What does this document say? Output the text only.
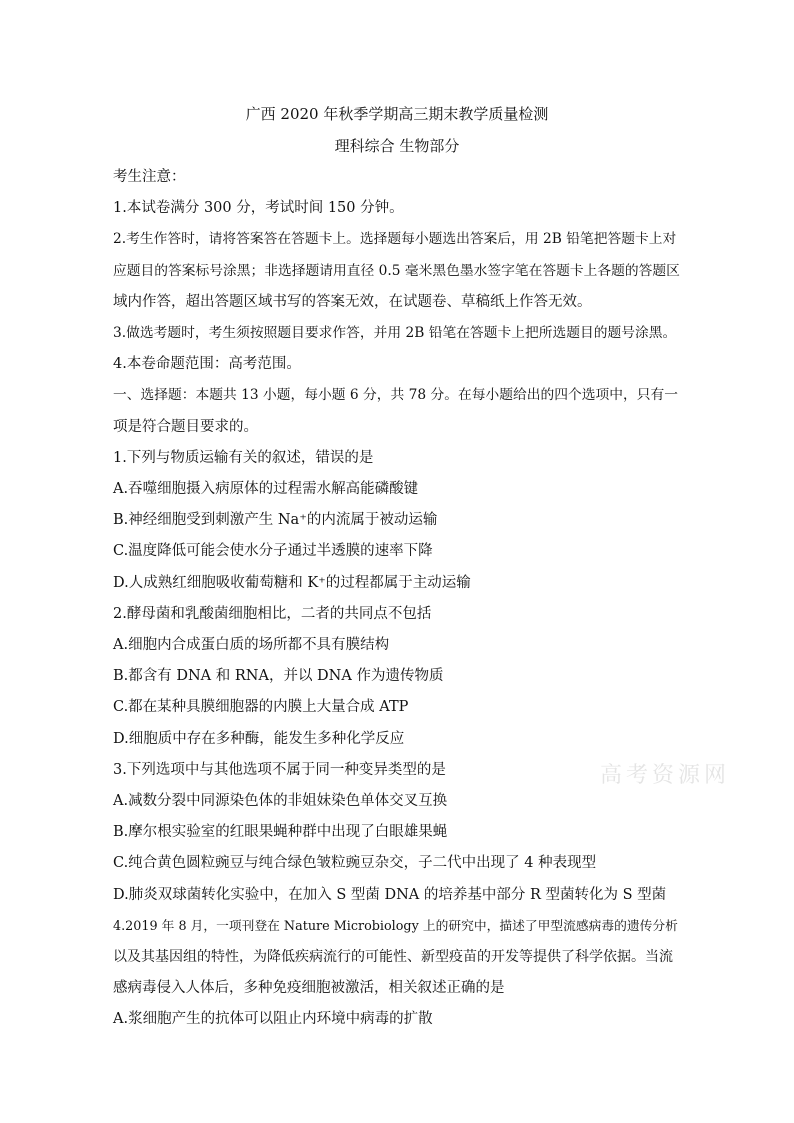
广西 2020 年秋季学期高三期末教学质量检测
理科综合 生物部分

考生注意：

1.本试卷满分 300 分，考试时间 150 分钟。

2.考生作答时，请将答案答在答题卡上。选择题每小题选出答案后，用 2B 铅笔把答题卡上对

应题目的答案标号涂黑；非选择题请用直径 0.5 毫米黑色墨水签字笔在答题卡上各题的答题区

域内作答，超出答题区域书写的答案无效，在试题卷、草稿纸上作答无效。

3.做选考题时，考生须按照题目要求作答，并用 2B 铅笔在答题卡上把所选题目的题号涂黑。

4.本卷命题范围：高考范围。

一、选择题：本题共 13 小题，每小题 6 分，共 78 分。在每小题给出的四个选项中，只有一

项是符合题目要求的。

1.下列与物质运输有关的叙述，错误的是

A.吞噬细胞摄入病原体的过程需水解高能磷酸键

B.神经细胞受到刺激产生 Na⁺的内流属于被动运输

C.温度降低可能会使水分子通过半透膜的速率下降

D.人成熟红细胞吸收葡萄糖和 K⁺的过程都属于主动运输

2.酵母菌和乳酸菌细胞相比，二者的共同点不包括

A.细胞内合成蛋白质的场所都不具有膜结构

B.都含有 DNA 和 RNA，并以 DNA 作为遗传物质

C.都在某种具膜细胞器的内膜上大量合成 ATP

D.细胞质中存在多种酶，能发生多种化学反应

3.下列选项中与其他选项不属于同一种变异类型的是

A.减数分裂中同源染色体的非姐妹染色单体交叉互换

B.摩尔根实验室的红眼果蝇种群中出现了白眼雄果蝇

C.纯合黄色圆粒豌豆与纯合绿色皱粒豌豆杂交，子二代中出现了 4 种表现型

D.肺炎双球菌转化实验中，在加入 S 型菌 DNA 的培养基中部分 R 型菌转化为 S 型菌

4.2019 年 8 月，一项刊登在 Nature Microbiology 上的研究中，描述了甲型流感病毒的遗传分析

以及其基因组的特性，为降低疾病流行的可能性、新型疫苗的开发等提供了科学依据。当流

感病毒侵入人体后，多种免疫细胞被激活，相关叙述正确的是

A.浆细胞产生的抗体可以阻止内环境中病毒的扩散

高考资源网
